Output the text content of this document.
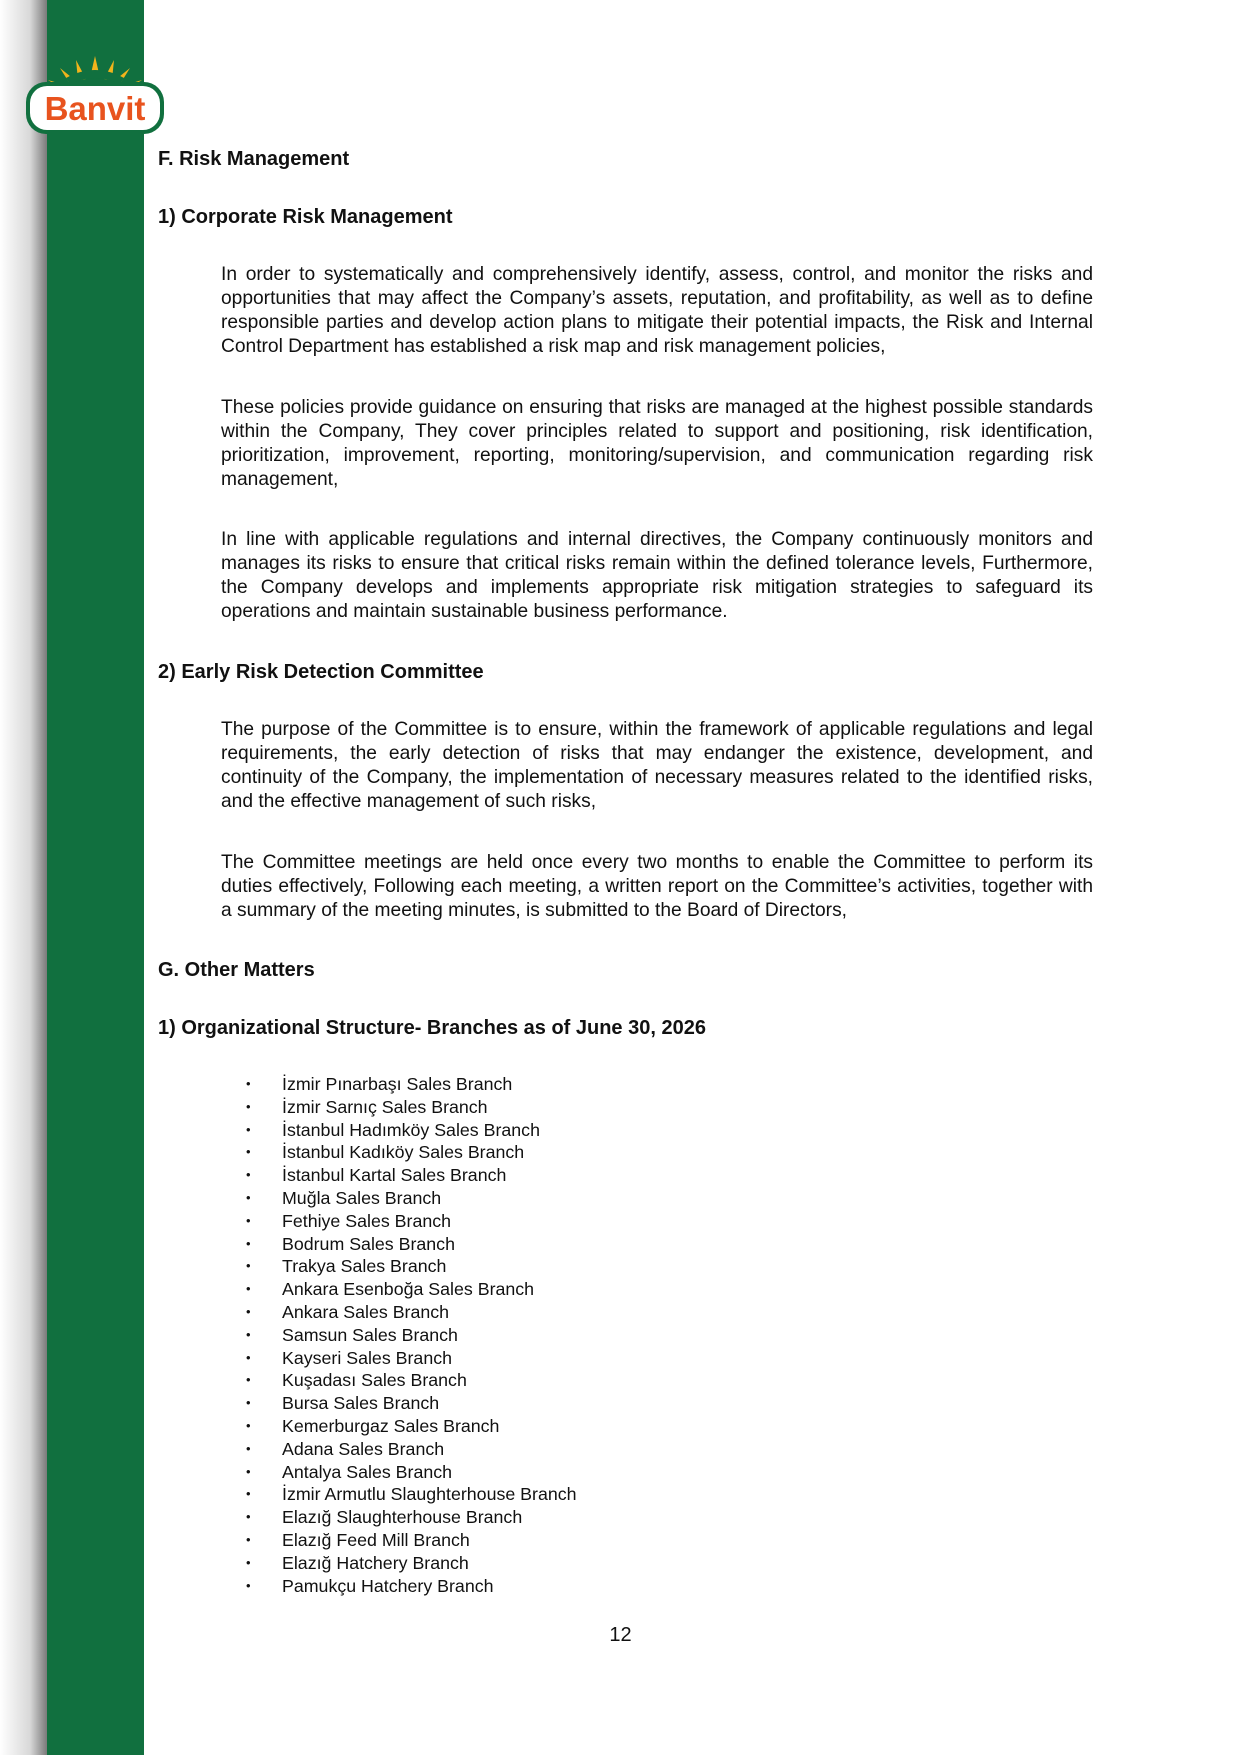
Banvit
F. Risk Management
1) Corporate Risk Management

In order to systematically and comprehensively identify, assess, control, and monitor the risks and opportunities that may affect the Company’s assets, reputation, and profitability, as well as to define responsible parties and develop action plans to mitigate their potential impacts, the Risk and Internal Control Department has established a risk map and risk management policies,

These policies provide guidance on ensuring that risks are managed at the highest possible standards within the Company, They cover principles related to support and positioning, risk identification, prioritization, improvement, reporting, monitoring/supervision, and communication regarding risk management,

In line with applicable regulations and internal directives, the Company continuously monitors and manages its risks to ensure that critical risks remain within the defined tolerance levels, Furthermore, the Company develops and implements appropriate risk mitigation strategies to safeguard its operations and maintain sustainable business performance.

2) Early Risk Detection Committee

The purpose of the Committee is to ensure, within the framework of applicable regulations and legal requirements, the early detection of risks that may endanger the existence, development, and continuity of the Company, the implementation of necessary measures related to the identified risks, and the effective management of such risks,

The Committee meetings are held once every two months to enable the Committee to perform its duties effectively, Following each meeting, a written report on the Committee’s activities, together with a summary of the meeting minutes, is submitted to the Board of Directors,

G. Other Matters
1) Organizational Structure- Branches as of June 30, 2026
• İzmir Pınarbaşı Sales Branch
• İzmir Sarnıç Sales Branch
• İstanbul Hadımköy Sales Branch
• İstanbul Kadıköy Sales Branch
• İstanbul Kartal Sales Branch
• Muğla Sales Branch
• Fethiye Sales Branch
• Bodrum Sales Branch
• Trakya Sales Branch
• Ankara Esenboğa Sales Branch
• Ankara Sales Branch
• Samsun Sales Branch
• Kayseri Sales Branch
• Kuşadası Sales Branch
• Bursa Sales Branch
• Kemerburgaz Sales Branch
• Adana Sales Branch
• Antalya Sales Branch
• İzmir Armutlu Slaughterhouse Branch
• Elazığ Slaughterhouse Branch
• Elazığ Feed Mill Branch
• Elazığ Hatchery Branch
• Pamukçu Hatchery Branch
12
